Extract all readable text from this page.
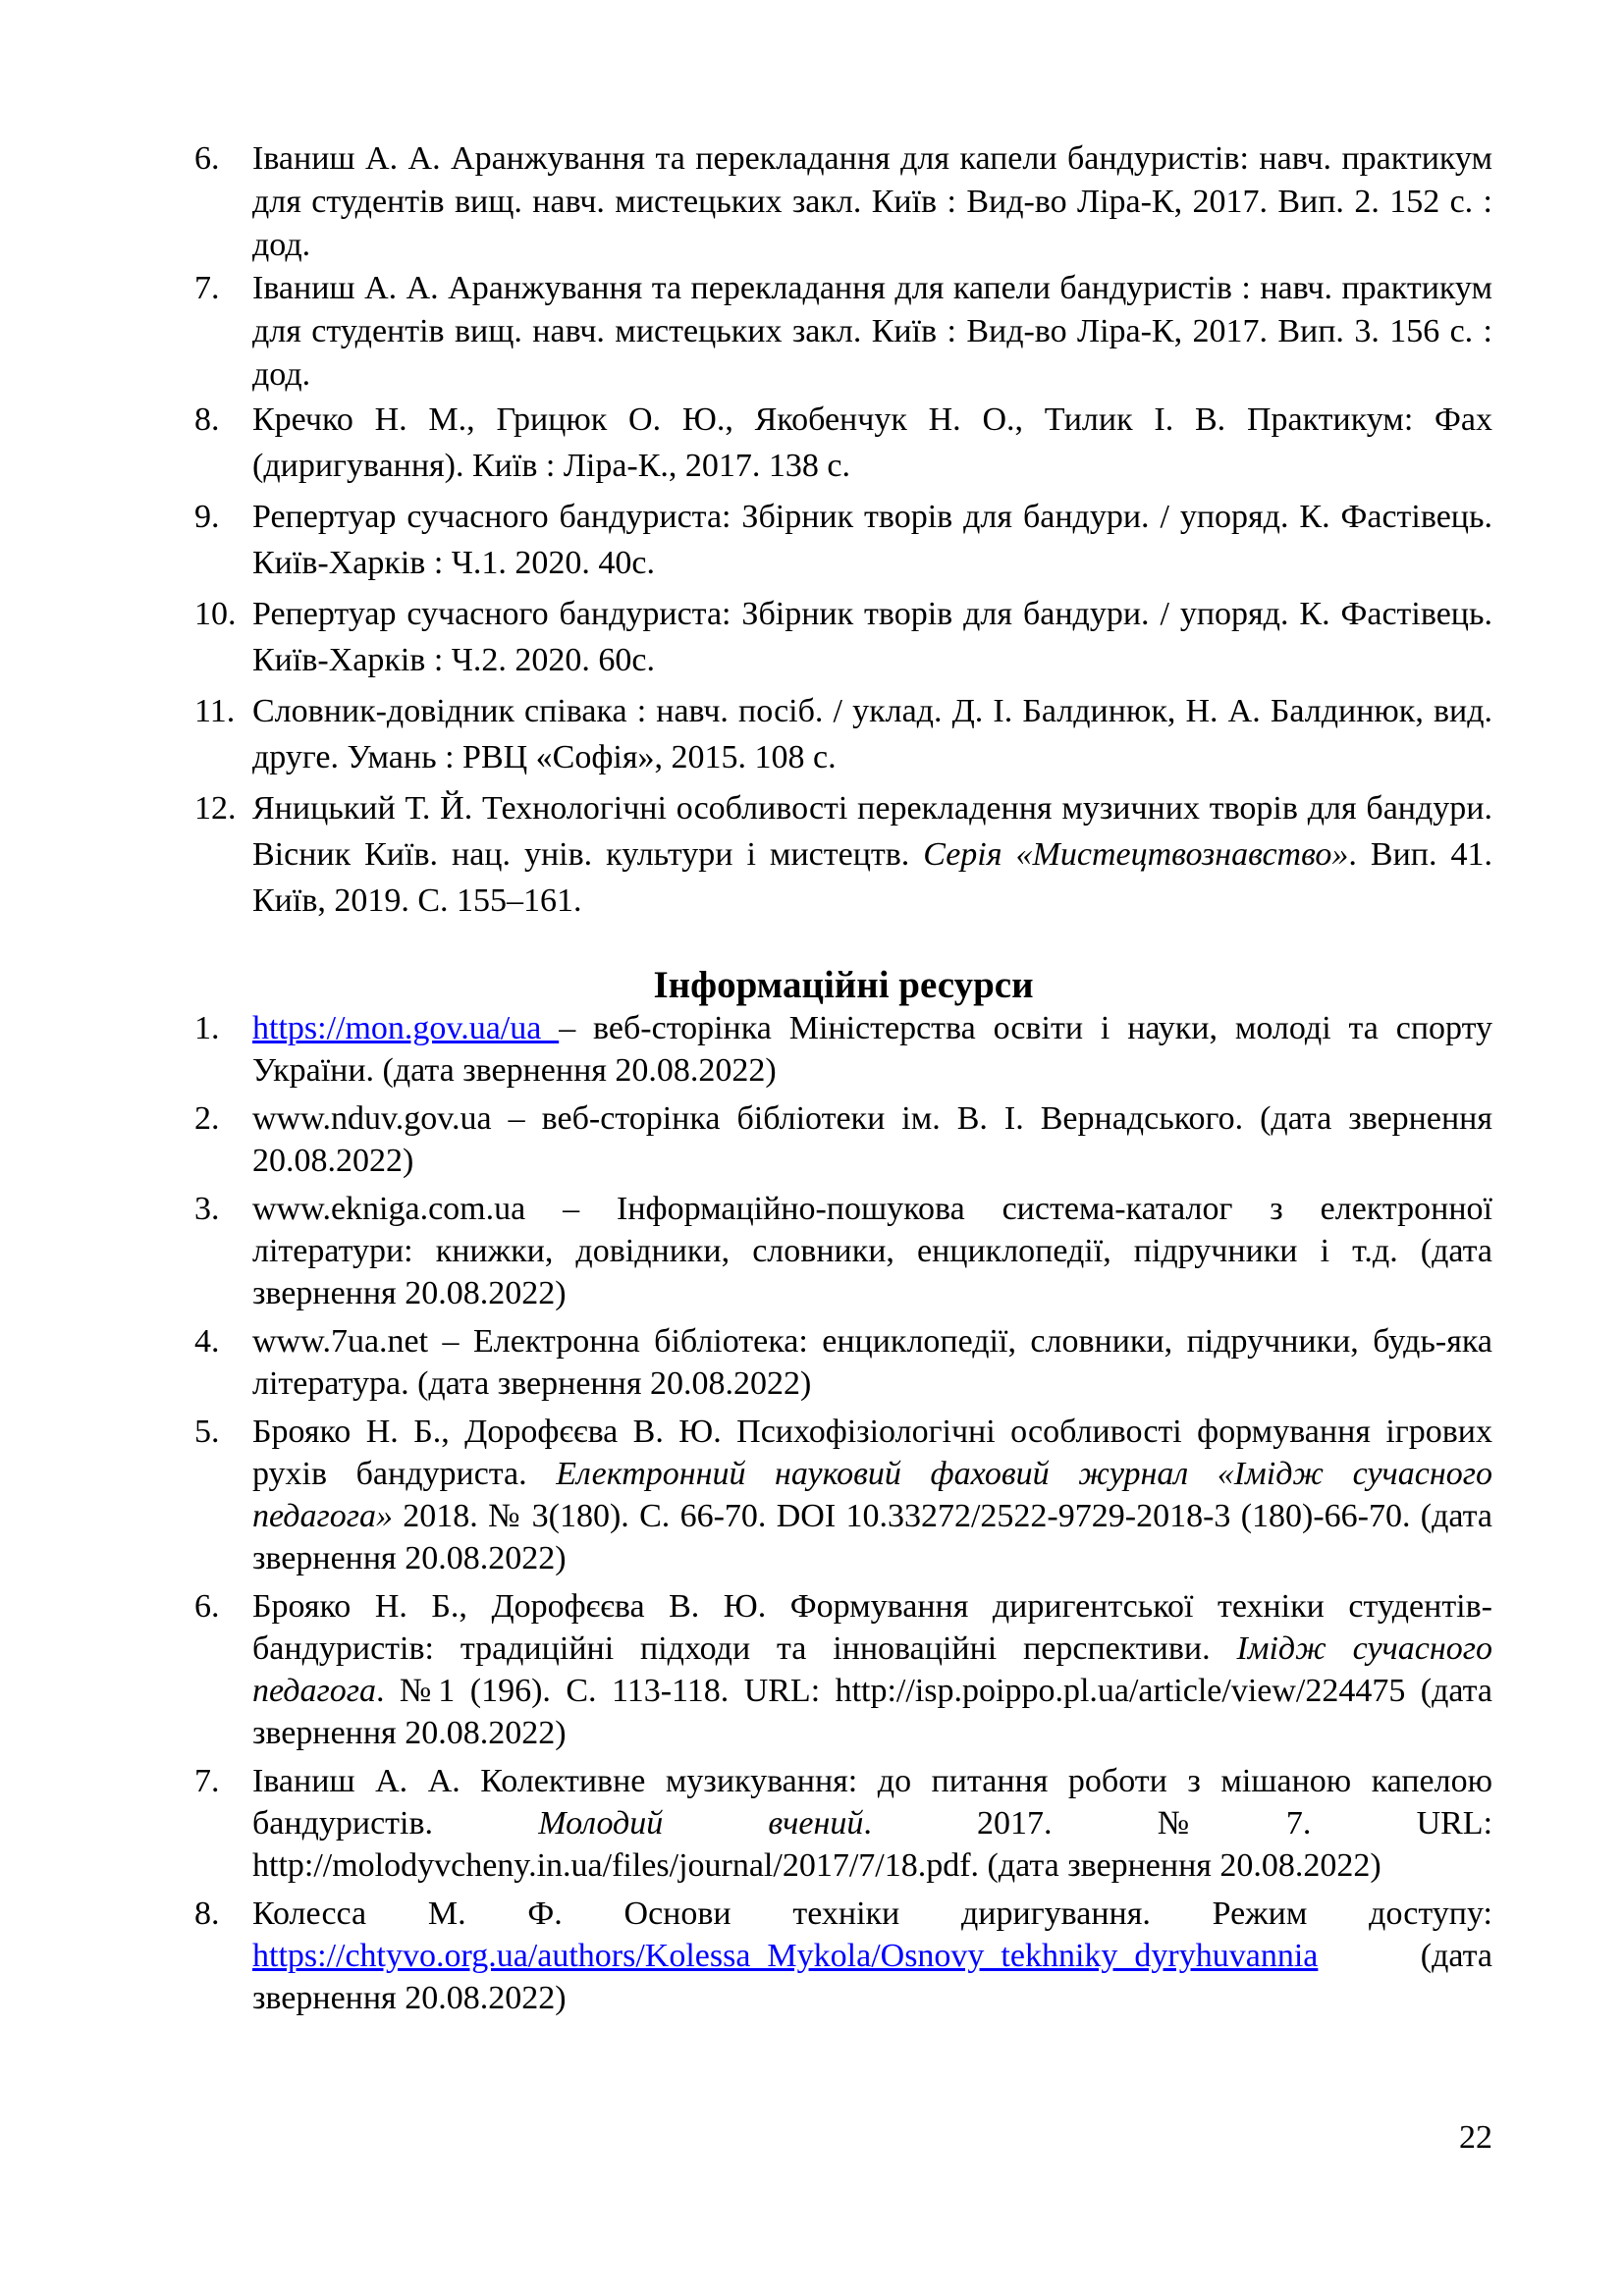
6. Іваниш А. А. Аранжування та перекладання для капели бандуристів: навч. практикум для студентів вищ. навч. мистецьких закл. Київ : Вид-во Ліра-К, 2017. Вип. 2. 152 с. : дод.
7. Іваниш А. А. Аранжування та перекладання для капели бандуристів : навч. практикум для студентів вищ. навч. мистецьких закл. Київ : Вид-во Ліра-К, 2017. Вип. 3. 156 с. : дод.
8. Кречко Н. М., Грицюк О. Ю., Якобенчук Н. О., Тилик І. В. Практикум: Фах (диригування). Київ : Ліра-К., 2017. 138 с.
9. Репертуар сучасного бандуриста: Збірник творів для бандури. / упоряд. К. Фастівець. Київ-Харків : Ч.1. 2020. 40с.
10. Репертуар сучасного бандуриста: Збірник творів для бандури. / упоряд. К. Фастівець. Київ-Харків : Ч.2. 2020. 60с.
11. Словник-довідник співака : навч. посіб. / уклад. Д. І. Балдинюк, Н. А. Балдинюк, вид. друге. Умань : РВЦ «Софія», 2015. 108 с.
12. Яницький Т. Й. Технологічні особливості перекладення музичних творів для бандури. Вісник Київ. нац. унів. культури і мистецтв. Серія «Мистецтвознавство». Вип. 41. Київ, 2019. С. 155–161.
Інформаційні ресурси
1. https://mon.gov.ua/ua – веб-сторінка Міністерства освіти і науки, молоді та спорту України. (дата звернення 20.08.2022)
2. www.nduv.gov.ua – веб-сторінка бібліотеки ім. В. І. Вернадського. (дата звернення 20.08.2022)
3. www.ekniga.com.ua – Інформаційно-пошукова система-каталог з електронної літератури: книжки, довідники, словники, енциклопедії, підручники і т.д. (дата звернення 20.08.2022)
4. www.7ua.net – Електронна бібліотека: енциклопедії, словники, підручники, будь-яка література. (дата звернення 20.08.2022)
5. Брояко Н. Б., Дорофєєва В. Ю. Психофізіологічні особливості формування ігрових рухів бандуриста. Електронний науковий фаховий журнал «Імідж сучасного педагога» 2018. № 3(180). С. 66-70. DOI 10.33272/2522-9729-2018-3 (180)-66-70. (дата звернення 20.08.2022)
6. Брояко Н. Б., Дорофєєва В. Ю. Формування диригентської техніки студентів-бандуристів: традиційні підходи та інноваційні перспективи. Імідж сучасного педагога. №1 (196). С. 113-118. URL: http://isp.poippo.pl.ua/article/view/224475 (дата звернення 20.08.2022)
7. Іваниш А. А. Колективне музикування: до питання роботи з мішаною капелою бандуристів. Молодий вчений. 2017. №7. URL: http://molodyvcheny.in.ua/files/journal/2017/7/18.pdf. (дата звернення 20.08.2022)
8. Колесса М. Ф. Основи техніки диригування. Режим доступу: https://chtyvo.org.ua/authors/Kolessa_Mykola/Osnovy_tekhniky_dyryhuvannia (дата звернення 20.08.2022)
22
